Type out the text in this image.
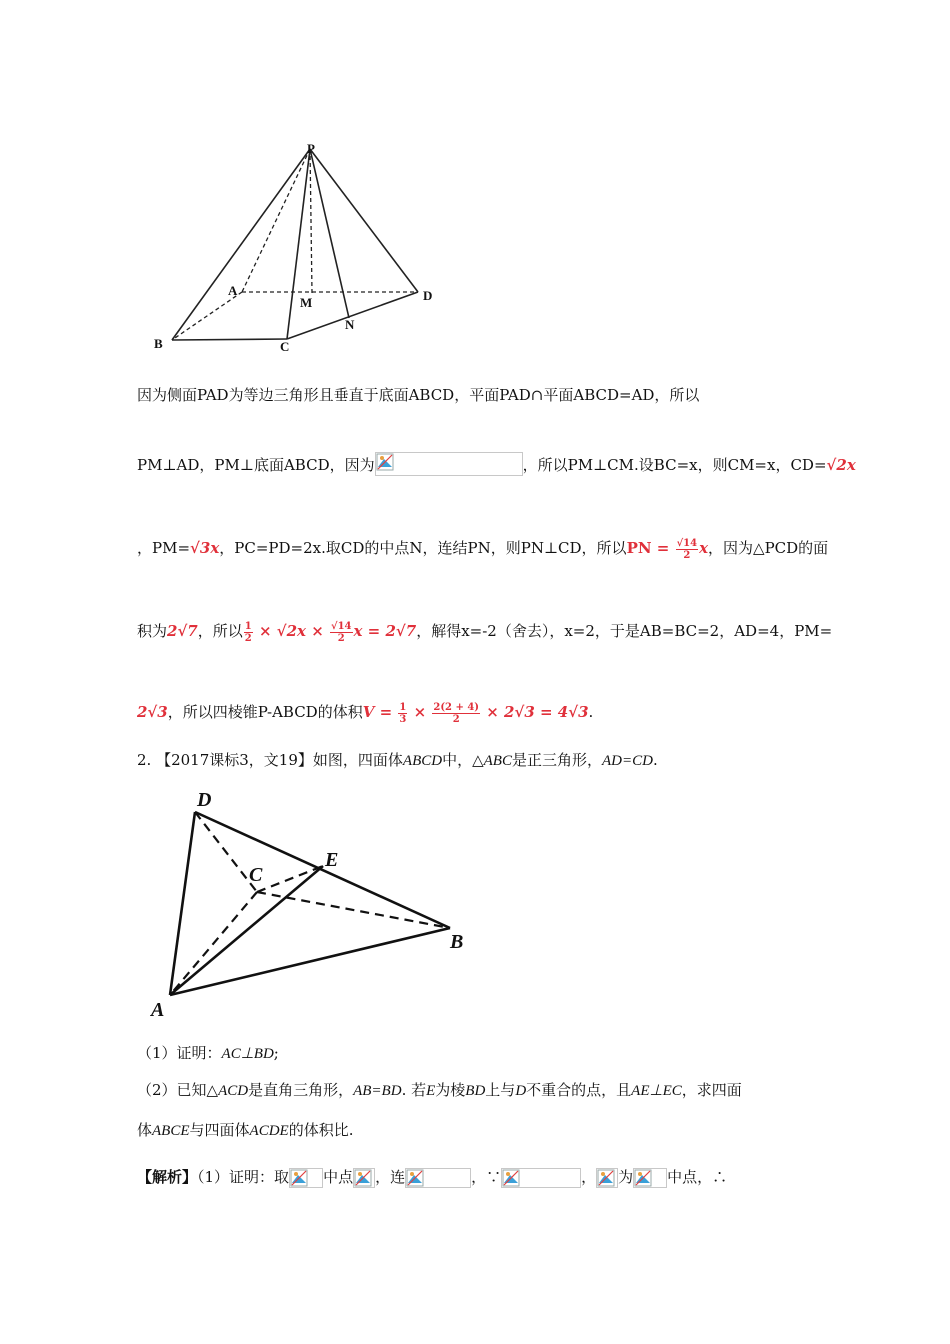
P
A
M	D
N
B	C
因为侧面PAD为等边三角形且垂直于底面ABCD，平面PAD∩平面ABCD=AD，所以
PM⊥AD，PM⊥底面ABCD，因为	，所以PM⊥CM.设BC=x，则CM=x，CD=√2x
，PM=√3x，PC=PD=2x.取CD的中点N，连结PN，则PN⊥CD，所以PN = $\frac{√14}{2}$ x，因为△PCD的面
积为2√7，所以 $\frac{1}{2} \times √2x \times \frac{√14}{2}$ x = 2√7，解得x=-2（舍去），x=2，于是AB=BC=2，AD=4，PM=
2√3，所以四棱锥P-ABCD的体积$V = \frac{1}{3} \times \frac{2(2 + 4)}{2} \times 2√3 = 4√3$.
2. 【2017课标3，文19】如图，四面体ABCD中，△ABC是正三角形，AD=CD.
D
E
C
B
A
（1）证明：AC⊥BD;
（2）已知△ACD是直角三角形，AB=BD. 若E为棱BD上与D不重合的点，且AE⊥EC，求四面
体ABCE与四面体ACDE的体积比.
【解析】（1）证明：取 中点 ，连	，∵	， 为 中点，∴
